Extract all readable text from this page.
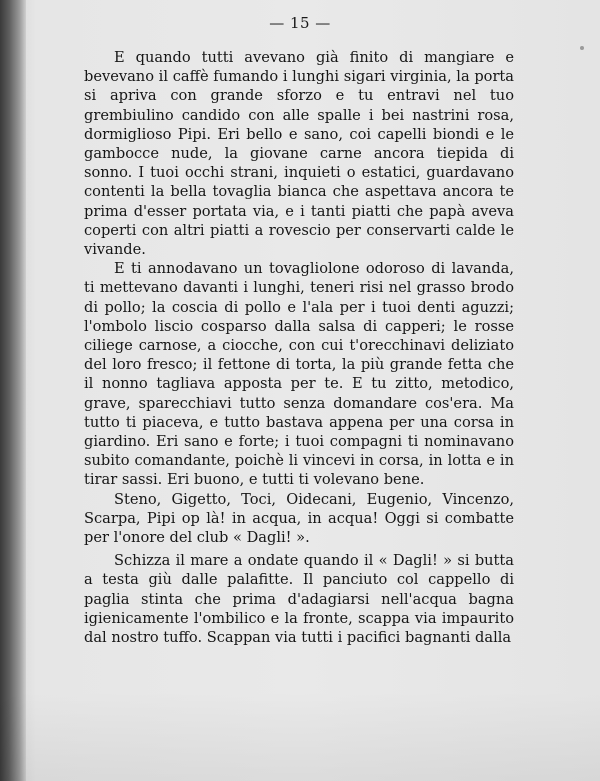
— 15 —

E quando tutti avevano già finito di mangiare e bevevano il caffè fumando i lunghi sigari virginia, la porta si apriva con grande sforzo e tu entravi nel tuo grembiulino candido con alle spalle i bei nastrini rosa, dormiglioso Pipi. Eri bello e sano, coi capelli biondi e le gambocce nude, la giovane carne ancora tiepida di sonno. I tuoi occhi strani, inquieti o estatici, guardavano contenti la bella tovaglia bianca che aspettava ancora te prima d'esser portata via, e i tanti piatti che papà aveva coperti con altri piatti a rovescio per conservarti calde le vivande.

E ti annodavano un tovagliolone odoroso di lavanda, ti mettevano davanti i lunghi, teneri risi nel grasso brodo di pollo; la coscia di pollo e l'ala per i tuoi denti aguzzi; l'ombolo liscio cosparso dalla salsa di capperi; le rosse ciliege carnose, a ciocche, con cui t'orecchinavi deliziato del loro fresco; il fettone di torta, la più grande fetta che il nonno tagliava apposta per te. E tu zitto, metodico, grave, sparecchiavi tutto senza domandare cos'era. Ma tutto ti piaceva, e tutto bastava appena per una corsa in giardino. Eri sano e forte; i tuoi compagni ti nominavano subito comandante, poichè li vincevi in corsa, in lotta e in tirar sassi. Eri buono, e tutti ti volevano bene.

Steno, Gigetto, Toci, Oidecani, Eugenio, Vincenzo, Scarpa, Pipi op là! in acqua, in acqua! Oggi si combatte per l'onore del club « Dagli! ».

Schizza il mare a ondate quando il « Dagli! » si butta a testa giù dalle palafitte. Il panciuto col cappello di paglia stinta che prima d'adagiarsi nell'acqua bagna igienicamente l'ombilico e la fronte, scappa via impaurito dal nostro tuffo. Scappan via tutti i pacifici bagnanti dalla
